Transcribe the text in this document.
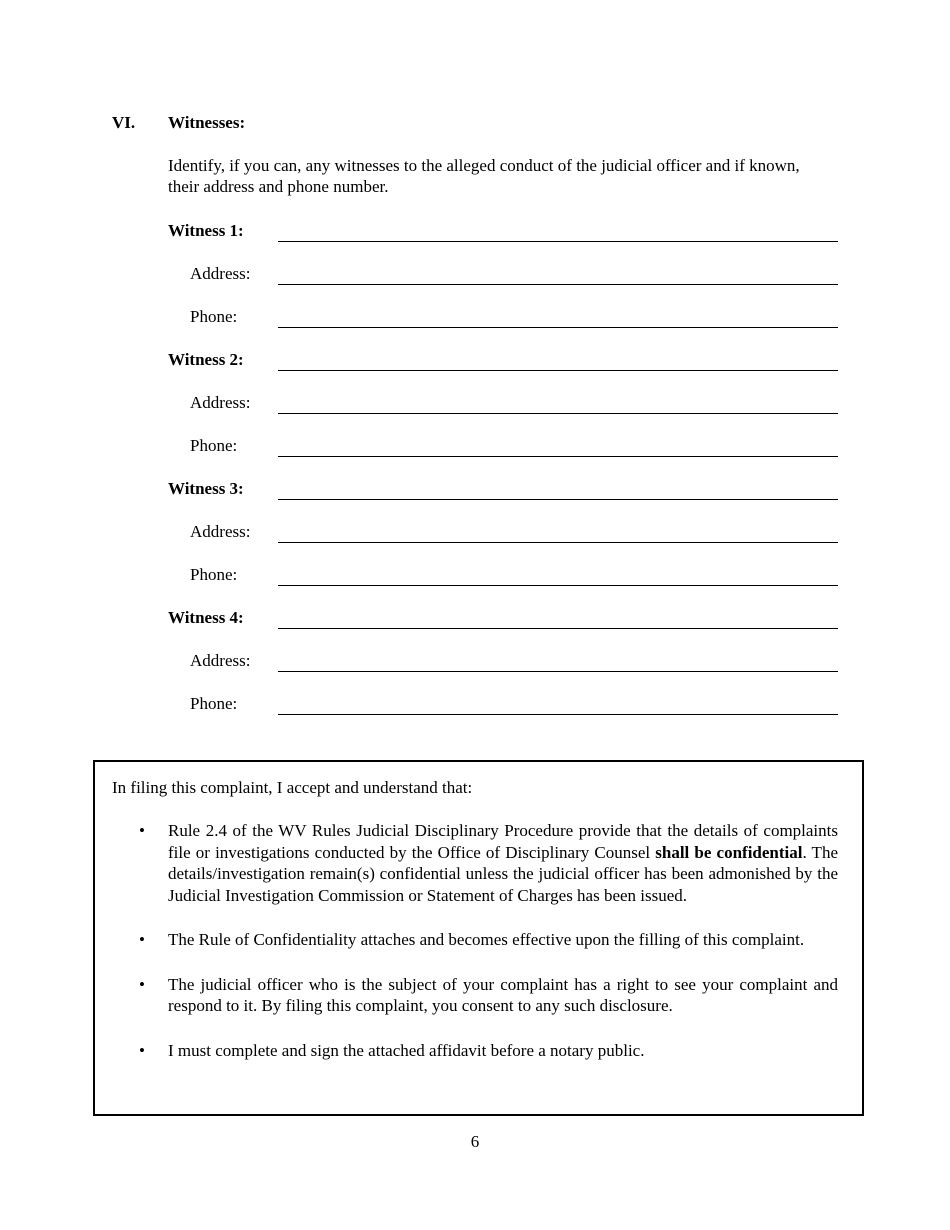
VI. Witnesses:
Identify, if you can, any witnesses to the alleged conduct of the judicial officer and if known, their address and phone number.
Witness 1:
Address:
Phone:
Witness 2:
Address:
Phone:
Witness 3:
Address:
Phone:
Witness 4:
Address:
Phone:
In filing this complaint, I accept and understand that:
• Rule 2.4 of the WV Rules Judicial Disciplinary Procedure provide that the details of complaints file or investigations conducted by the Office of Disciplinary Counsel shall be confidential. The details/investigation remain(s) confidential unless the judicial officer has been admonished by the Judicial Investigation Commission or Statement of Charges has been issued.
• The Rule of Confidentiality attaches and becomes effective upon the filling of this complaint.
• The judicial officer who is the subject of your complaint has a right to see your complaint and respond to it. By filing this complaint, you consent to any such disclosure.
• I must complete and sign the attached affidavit before a notary public.
6
